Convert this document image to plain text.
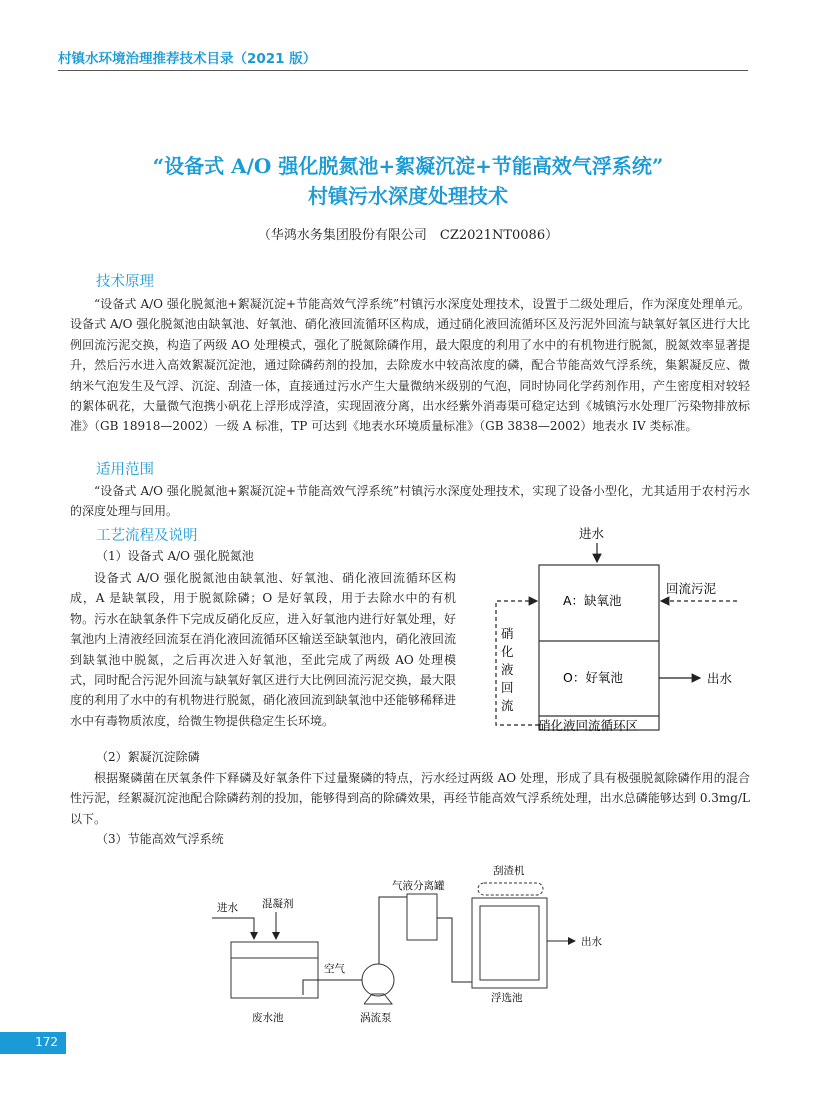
村镇水环境治理推荐技术目录（2021 版）
“设备式 A/O 强化脱氮池+絮凝沉淀+节能高效气浮系统”
村镇污水深度处理技术
（华鸿水务集团股份有限公司　CZ2021NT0086）
技术原理

“设备式 A/O 强化脱氮池+絮凝沉淀+节能高效气浮系统”村镇污水深度处理技术，设置于二级处理后，作为深度处理单元。设备式 A/O 强化脱氮池由缺氧池、好氧池、硝化液回流循环区构成，通过硝化液回流循环区及污泥外回流与缺氧好氧区进行大比例回流污泥交换，构造了两级 AO 处理模式，强化了脱氮除磷作用，最大限度的利用了水中的有机物进行脱氮，脱氮效率显著提升，然后污水进入高效絮凝沉淀池，通过除磷药剂的投加，去除废水中较高浓度的磷，配合节能高效气浮系统，集絮凝反应、微纳米气泡发生及气浮、沉淀、刮渣一体，直接通过污水产生大量微纳米级别的气泡，同时协同化学药剂作用，产生密度相对较轻的絮体矾花，大量微气泡携小矾花上浮形成浮渣，实现固液分离，出水经紫外消毒渠可稳定达到《城镇污水处理厂污染物排放标准》（GB 18918—2002）一级 A 标准，TP 可达到《地表水环境质量标准》（GB 3838—2002）地表水 IV 类标准。

适用范围

“设备式 A/O 强化脱氮池+絮凝沉淀+节能高效气浮系统”村镇污水深度处理技术，实现了设备小型化，尤其适用于农村污水的深度处理与回用。

工艺流程及说明
（1）设备式 A/O 强化脱氮池

设备式 A/O 强化脱氮池由缺氧池、好氧池、硝化液回流循环区构成，A 是缺氧段，用于脱氮除磷；O 是好氧段，用于去除水中的有机物。污水在缺氧条件下完成反硝化反应，进入好氧池内进行好氧处理，好氧池内上清液经回流泵在消化液回流循环区输送至缺氧池内，硝化液回流到缺氧池中脱氮，之后再次进入好氧池，至此完成了两级 AO 处理模式，同时配合污泥外回流与缺氧好氧区进行大比例回流污泥交换，最大限度的利用了水中的有机物进行脱氮，硝化液回流到缺氧池中还能够稀释进水中有毒物质浓度，给微生物提供稳定生长环境。

（2）絮凝沉淀除磷

根据聚磷菌在厌氧条件下释磷及好氧条件下过量聚磷的特点，污水经过两级 AO 处理，形成了具有极强脱氮除磷作用的混合性污泥，经絮凝沉淀池配合除磷药剂的投加，能够得到高的除磷效果，再经节能高效气浮系统处理，出水总磷能够达到 0.3mg/L 以下。

（3）节能高效气浮系统
进水
A：缺氧池
O：好氧池
回流污泥
出水
硝
化
液
回
流
硝化液回流循环区
进水 混凝剂
废水池
空气
涡流泵
气液分离罐
刮渣机
浮选池
出水
172
